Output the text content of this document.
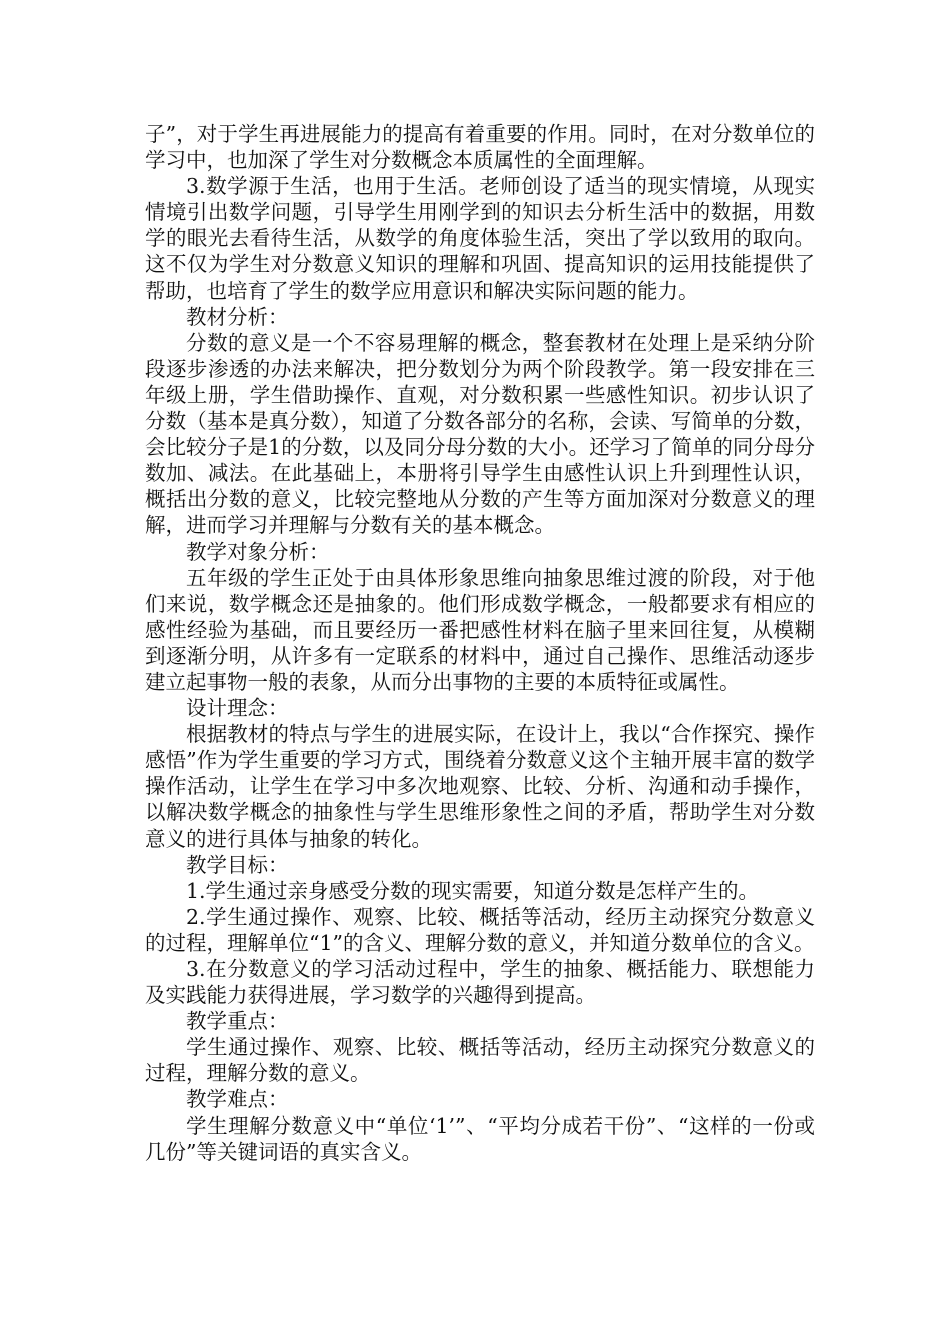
子”，对于学生再进展能力的提高有着重要的作用。同时，在对分数单位的学习中，也加深了学生对分数概念本质属性的全面理解。

3.数学源于生活，也用于生活。老师创设了适当的现实情境，从现实情境引出数学问题，引导学生用刚学到的知识去分析生活中的数据，用数学的眼光去看待生活，从数学的角度体验生活，突出了学以致用的取向。这不仅为学生对分数意义知识的理解和巩固、提高知识的运用技能提供了帮助，也培育了学生的数学应用意识和解决实际问题的能力。

教材分析：

分数的意义是一个不容易理解的概念，整套教材在处理上是采纳分阶段逐步渗透的办法来解决，把分数划分为两个阶段教学。第一段安排在三年级上册，学生借助操作、直观，对分数积累一些感性知识。初步认识了分数（基本是真分数），知道了分数各部分的名称，会读、写简单的分数，会比较分子是1的分数，以及同分母分数的大小。还学习了简单的同分母分数加、减法。在此基础上，本册将引导学生由感性认识上升到理性认识，概括出分数的意义，比较完整地从分数的产生等方面加深对分数意义的理解，进而学习并理解与分数有关的基本概念。

教学对象分析：

五年级的学生正处于由具体形象思维向抽象思维过渡的阶段，对于他们来说，数学概念还是抽象的。他们形成数学概念，一般都要求有相应的感性经验为基础，而且要经历一番把感性材料在脑子里来回往复，从模糊到逐渐分明，从许多有一定联系的材料中，通过自己操作、思维活动逐步建立起事物一般的表象，从而分出事物的主要的本质特征或属性。

设计理念：

根据教材的特点与学生的进展实际，在设计上，我以“合作探究、操作感悟”作为学生重要的学习方式，围绕着分数意义这个主轴开展丰富的数学操作活动，让学生在学习中多次地观察、比较、分析、沟通和动手操作，以解决数学概念的抽象性与学生思维形象性之间的矛盾，帮助学生对分数意义的进行具体与抽象的转化。

教学目标：

1.学生通过亲身感受分数的现实需要，知道分数是怎样产生的。

2.学生通过操作、观察、比较、概括等活动，经历主动探究分数意义的过程，理解单位“1”的含义、理解分数的意义，并知道分数单位的含义。

3.在分数意义的学习活动过程中，学生的抽象、概括能力、联想能力及实践能力获得进展，学习数学的兴趣得到提高。

教学重点：

学生通过操作、观察、比较、概括等活动，经历主动探究分数意义的过程，理解分数的意义。

教学难点：

学生理解分数意义中“单位‘1’”、“平均分成若干份”、“这样的一份或几份”等关键词语的真实含义。
